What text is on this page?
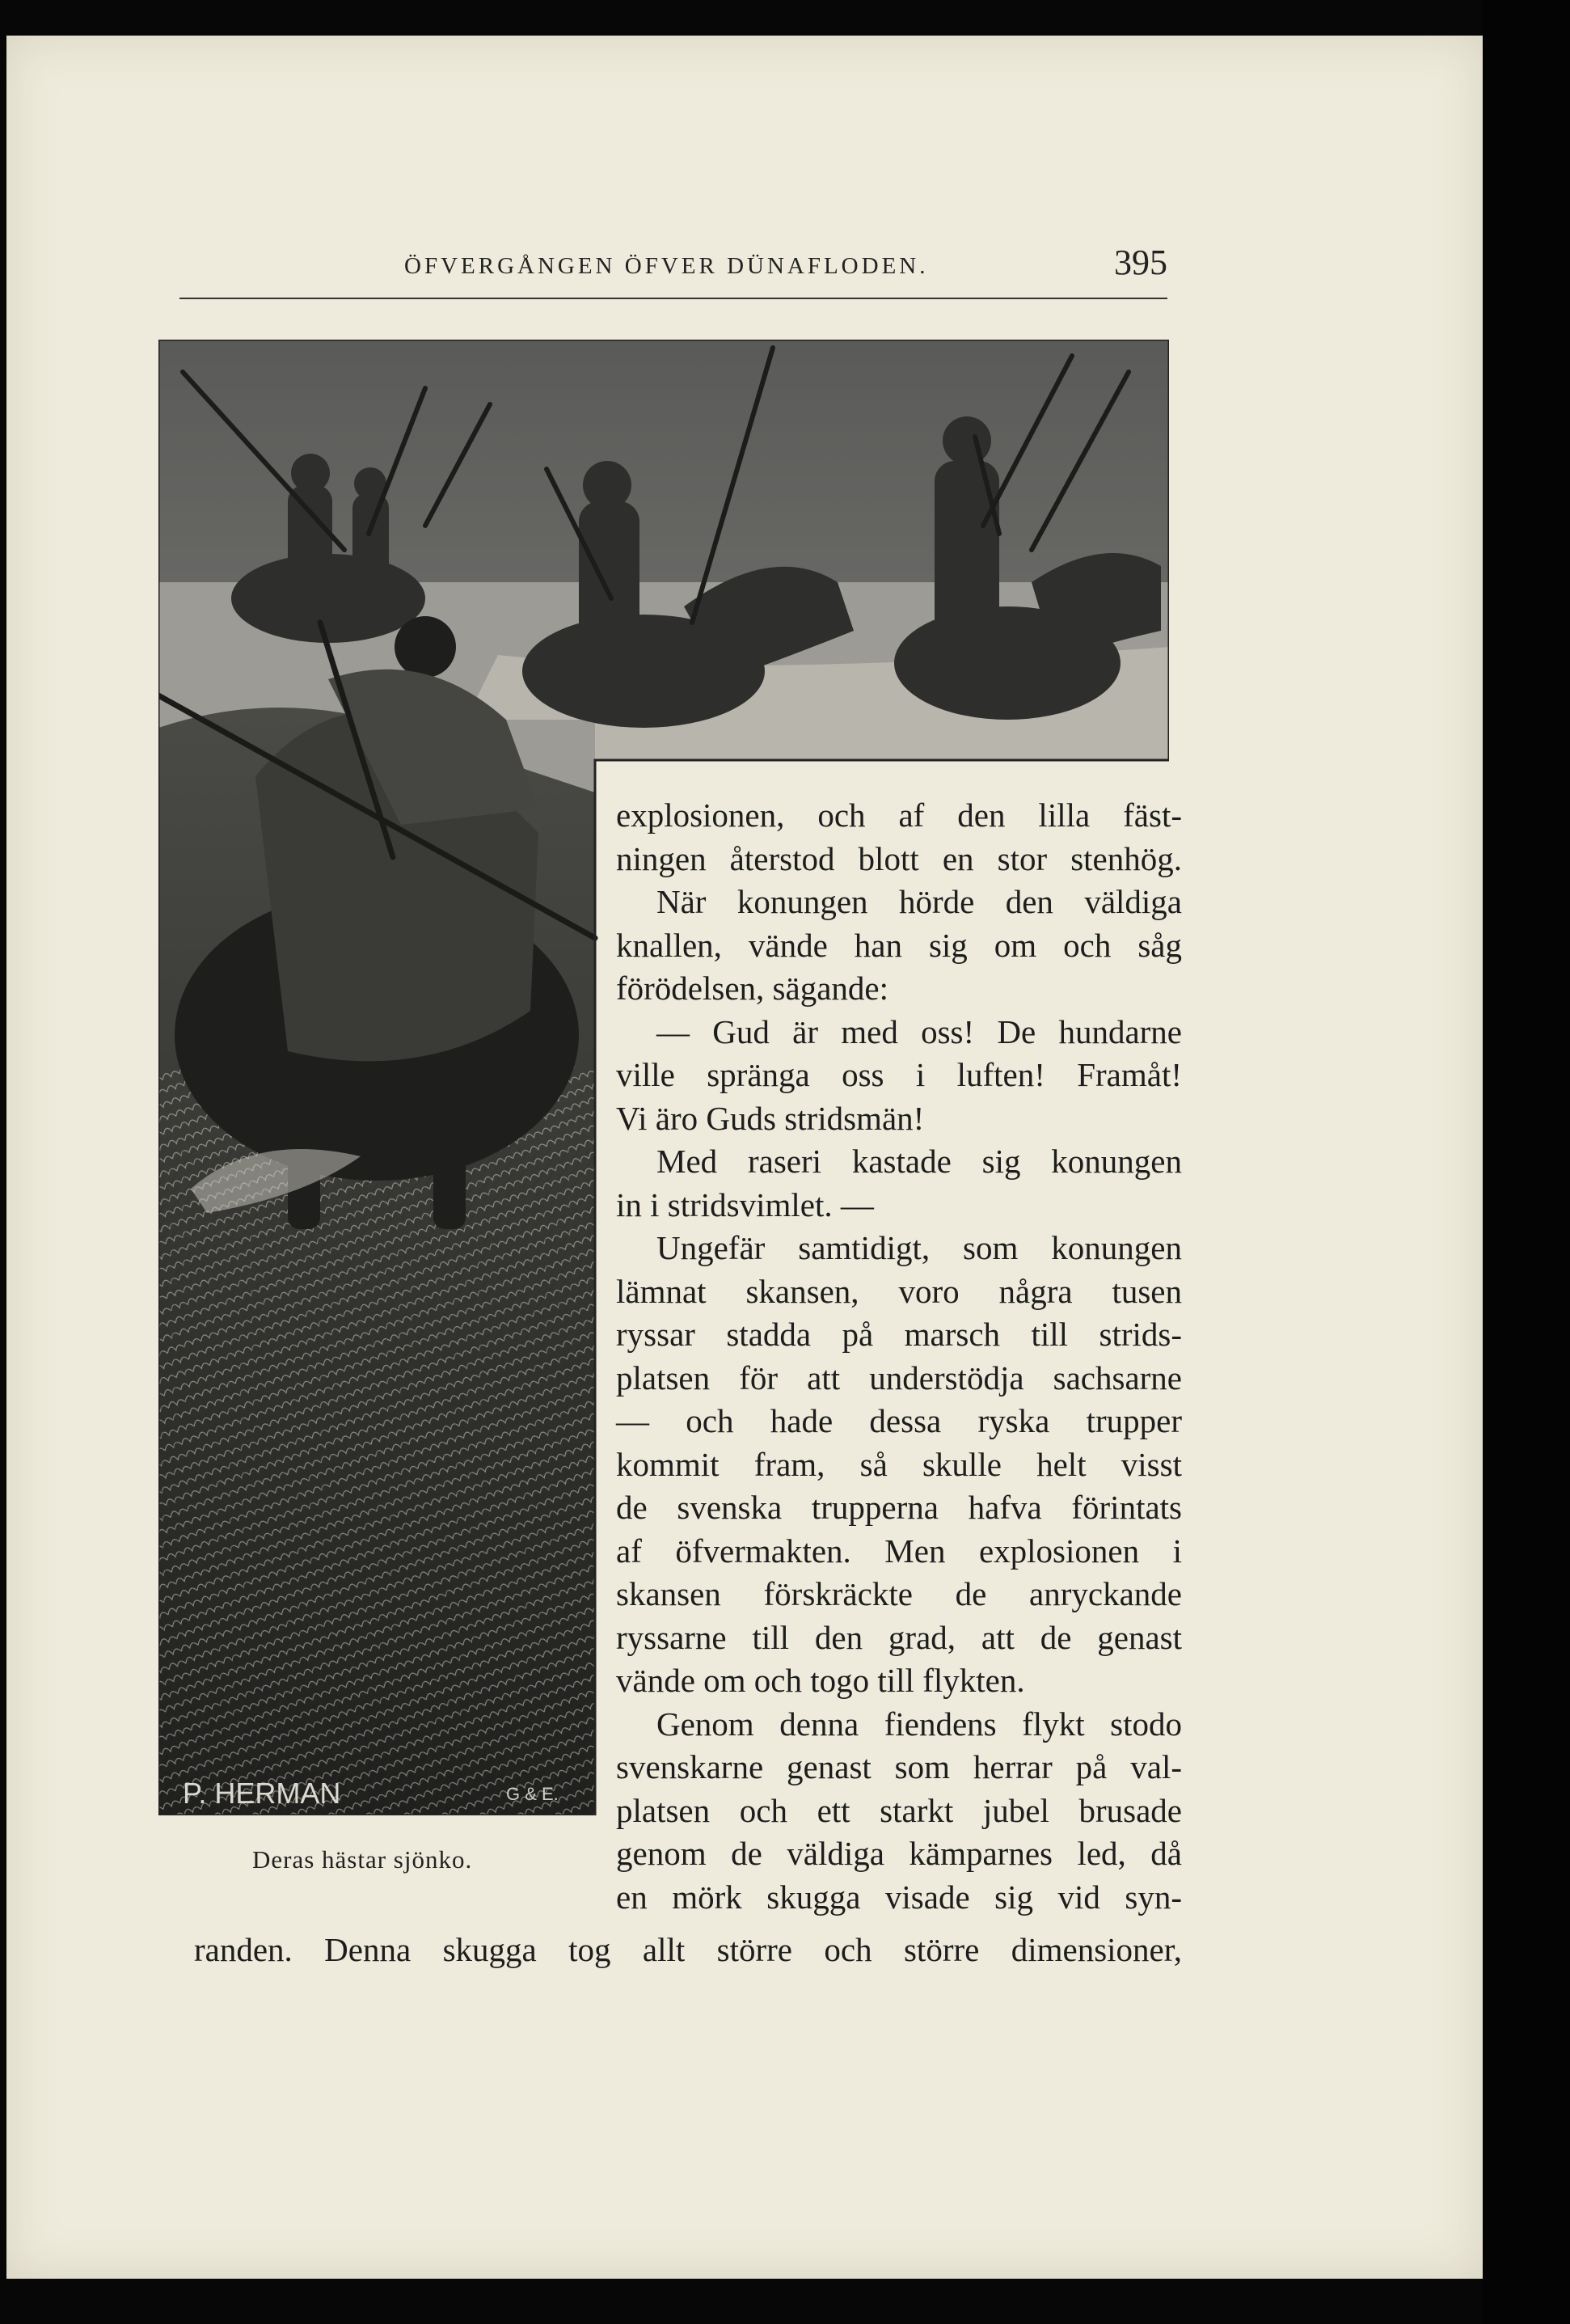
ÖFVERGÅNGEN ÖFVER DÜNAFLODEN.	395
P. HERMAN	G & E.
Deras hästar sjönko.
explosionen, och af den lilla fäst-
ningen återstod blott en stor stenhög.
När konungen hörde den väldiga
knallen, vände han sig om och såg
förödelsen, sägande:
— Gud är med oss! De hundarne
ville spränga oss i luften! Framåt!
Vi äro Guds stridsmän!
Med raseri kastade sig konungen
in i stridsvimlet. —
Ungefär samtidigt, som konungen
lämnat skansen, voro några tusen
ryssar stadda på marsch till strids-
platsen för att understödja sachsarne
— och hade dessa ryska trupper
kommit fram, så skulle helt visst
de svenska trupperna hafva förintats
af öfvermakten. Men explosionen i
skansen förskräckte de anryckande
ryssarne till den grad, att de genast
vände om och togo till flykten.
Genom denna fiendens flykt stodo
svenskarne genast som herrar på val-
platsen och ett starkt jubel brusade
genom de väldiga kämparnes led, då
en mörk skugga visade sig vid syn-
randen. Denna skugga tog allt större och större dimensioner,
